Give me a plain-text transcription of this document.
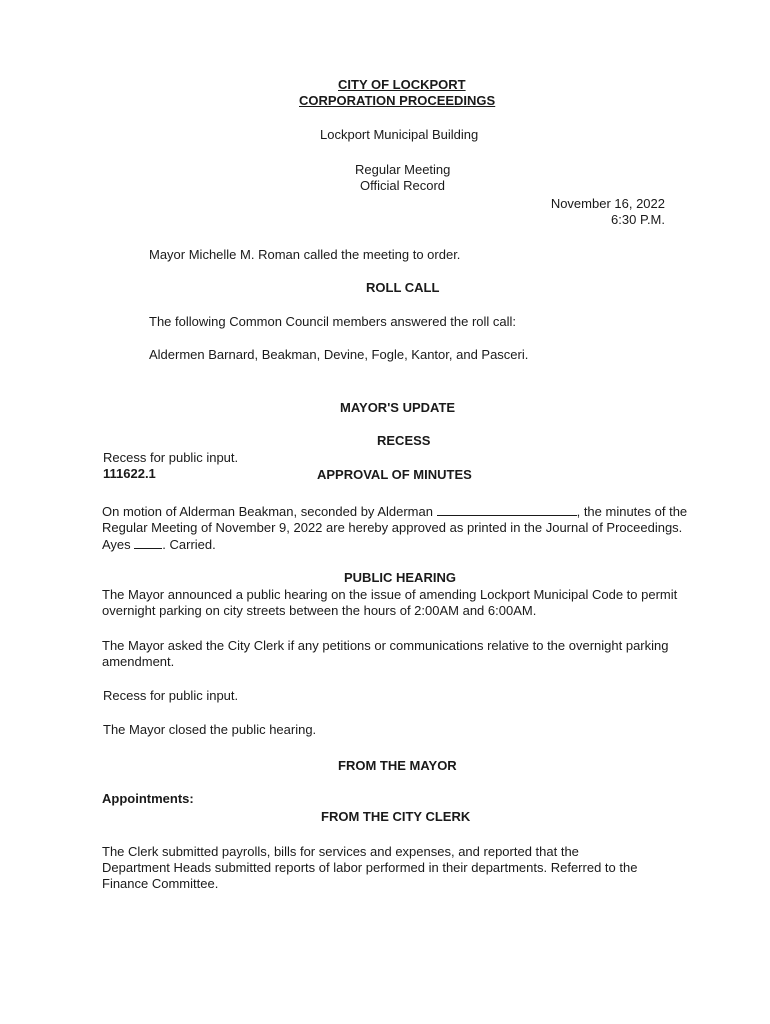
CITY OF LOCKPORT
CORPORATION PROCEEDINGS
Lockport Municipal Building
Regular Meeting
Official Record
November 16, 2022
6:30 P.M.
Mayor Michelle M. Roman called the meeting to order.
ROLL CALL
The following Common Council members answered the roll call:
Aldermen Barnard, Beakman, Devine, Fogle, Kantor, and Pasceri.
MAYOR'S UPDATE
RECESS
Recess for public input.
111622.1	APPROVAL OF MINUTES
On motion of Alderman Beakman, seconded by Alderman	, the minutes of the Regular Meeting of November 9, 2022 are hereby approved as printed in the Journal of Proceedings. Ayes . Carried.
PUBLIC HEARING
The Mayor announced a public hearing on the issue of amending Lockport Municipal Code to permit overnight parking on city streets between the hours of 2:00AM and 6:00AM.
The Mayor asked the City Clerk if any petitions or communications relative to the overnight parking amendment.
Recess for public input.
The Mayor closed the public hearing.
FROM THE MAYOR
Appointments:
FROM THE CITY CLERK
The Clerk submitted payrolls, bills for services and expenses, and reported that the Department Heads submitted reports of labor performed in their departments. Referred to the Finance Committee.
